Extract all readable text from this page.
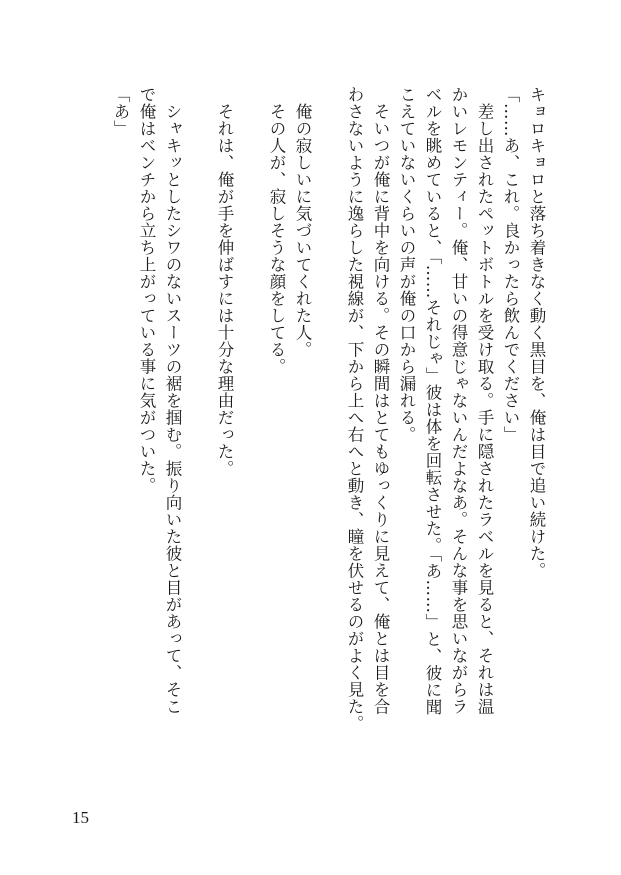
キョロキョロと落ち着きなく動く黒目を、俺は目で追い続けた。
「……あ、これ。良かったら飲んでください」
　差し出されたペットボトルを受け取る。手に隠されたラベルを見ると、それは温
かいレモンティー。俺、甘いの得意じゃないんだよなあ。そんな事を思いながらラ
ベルを眺めていると、「……それじゃ」彼は体を回転させた。「あ……」と、彼に聞
こえていないくらいの声が俺の口から漏れる。
　そいつが俺に背中を向ける。その瞬間はとてもゆっくりに見えて、俺とは目を合
わさないように逸らした視線が、下から上へ右へと動き、瞳を伏せるのがよく見た。

　俺の寂しいに気づいてくれた人。
　その人が、寂しそうな顔をしてる。

　それは、俺が手を伸ばすには十分な理由だった。

　シャキッとしたシワのないスーツの裾を掴む。振り向いた彼と目があって、そこ
で俺はベンチから立ち上がっている事に気がついた。
「あ」
15
